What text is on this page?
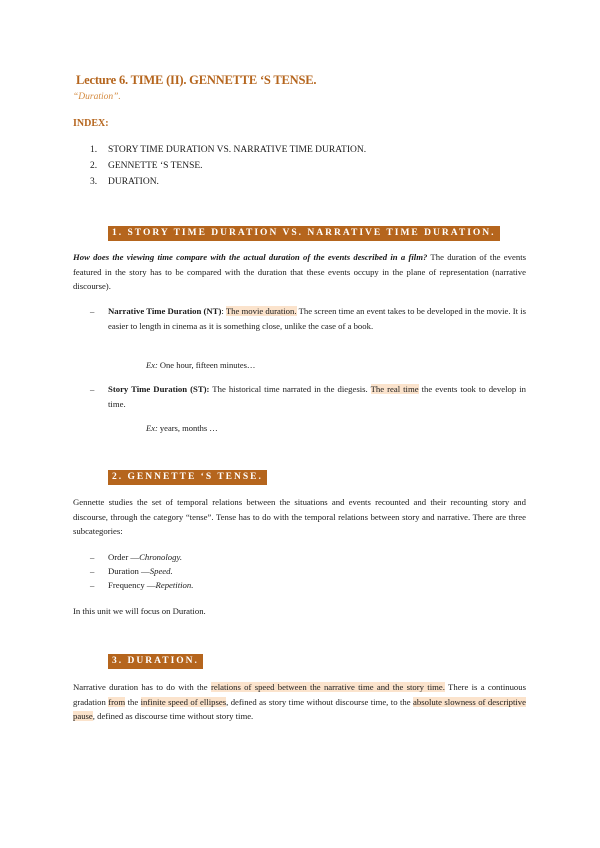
Lecture 6. TIME (II). GENNETTE ‘S TENSE.
“Duration”.
INDEX:
1.	STORY TIME DURATION VS. NARRATIVE TIME DURATION.
2.	GENNETTE ‘S TENSE.
3.	DURATION.
1. STORY TIME DURATION VS. NARRATIVE TIME DURATION.
How does the viewing time compare with the actual duration of the events described in a film? The duration of the events featured in the story has to be compared with the duration that these events occupy in the plane of representation (narrative discourse).
– Narrative Time Duration (NT): The movie duration. The screen time an event takes to be developed in the movie. It is easier to length in cinema as it is something close, unlike the case of a book.
Ex: One hour, fifteen minutes…
– Story Time Duration (ST): The historical time narrated in the diegesis. The real time the events took to develop in time.
Ex: years, months …
2. GENNETTE ‘S TENSE.
Gennette studies the set of temporal relations between the situations and events recounted and their recounting story and discourse, through the category “tense”. Tense has to do with the temporal relations between story and narrative. There are three subcategories:
–	Order — Chronology.
–	Duration — Speed.
–	Frequency — Repetition.
In this unit we will focus on Duration.
3. DURATION.
Narrative duration has to do with the relations of speed between the narrative time and the story time. There is a continuous gradation from the infinite speed of ellipses, defined as story time without discourse time, to the absolute slowness of descriptive pause, defined as discourse time without story time.
